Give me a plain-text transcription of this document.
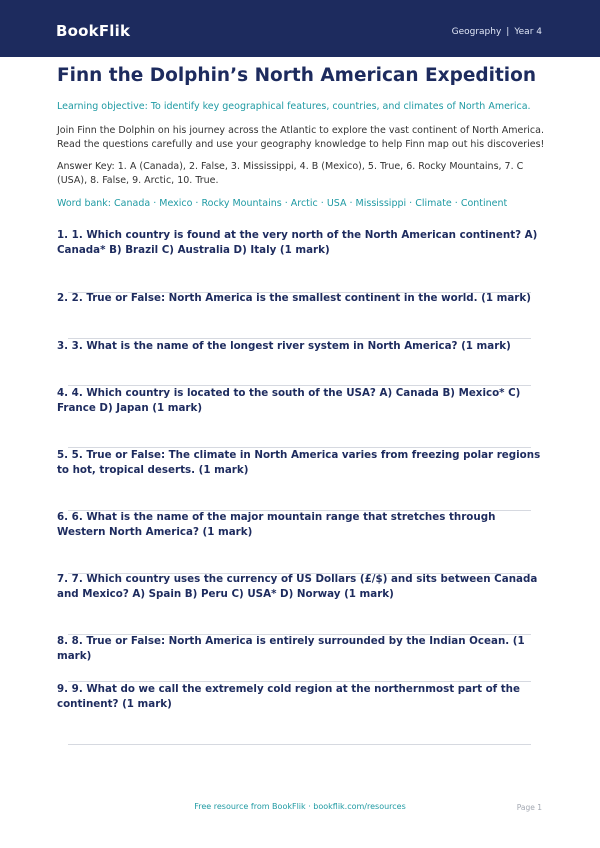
BookFlik	Geography | Year 4
Finn the Dolphin’s North American Expedition
Learning objective: To identify key geographical features, countries, and climates of North America.
Join Finn the Dolphin on his journey across the Atlantic to explore the vast continent of North America. Read the questions carefully and use your geography knowledge to help Finn map out his discoveries!
Answer Key: 1. A (Canada), 2. False, 3. Mississippi, 4. B (Mexico), 5. True, 6. Rocky Mountains, 7. C (USA), 8. False, 9. Arctic, 10. True.
Word bank: Canada · Mexico · Rocky Mountains · Arctic · USA · Mississippi · Climate · Continent
1. 1. Which country is found at the very north of the North American continent? A) Canada* B) Brazil C) Australia D) Italy (1 mark)
2. 2. True or False: North America is the smallest continent in the world. (1 mark)
3. 3. What is the name of the longest river system in North America? (1 mark)
4. 4. Which country is located to the south of the USA? A) Canada B) Mexico* C) France D) Japan (1 mark)
5. 5. True or False: The climate in North America varies from freezing polar regions to hot, tropical deserts. (1 mark)
6. 6. What is the name of the major mountain range that stretches through Western North America? (1 mark)
7. 7. Which country uses the currency of US Dollars (£/$) and sits between Canada and Mexico? A) Spain B) Peru C) USA* D) Norway (1 mark)
8. 8. True or False: North America is entirely surrounded by the Indian Ocean. (1 mark)
9. 9. What do we call the extremely cold region at the northernmost part of the continent? (1 mark)
Free resource from BookFlik · bookflik.com/resources	Page 1
